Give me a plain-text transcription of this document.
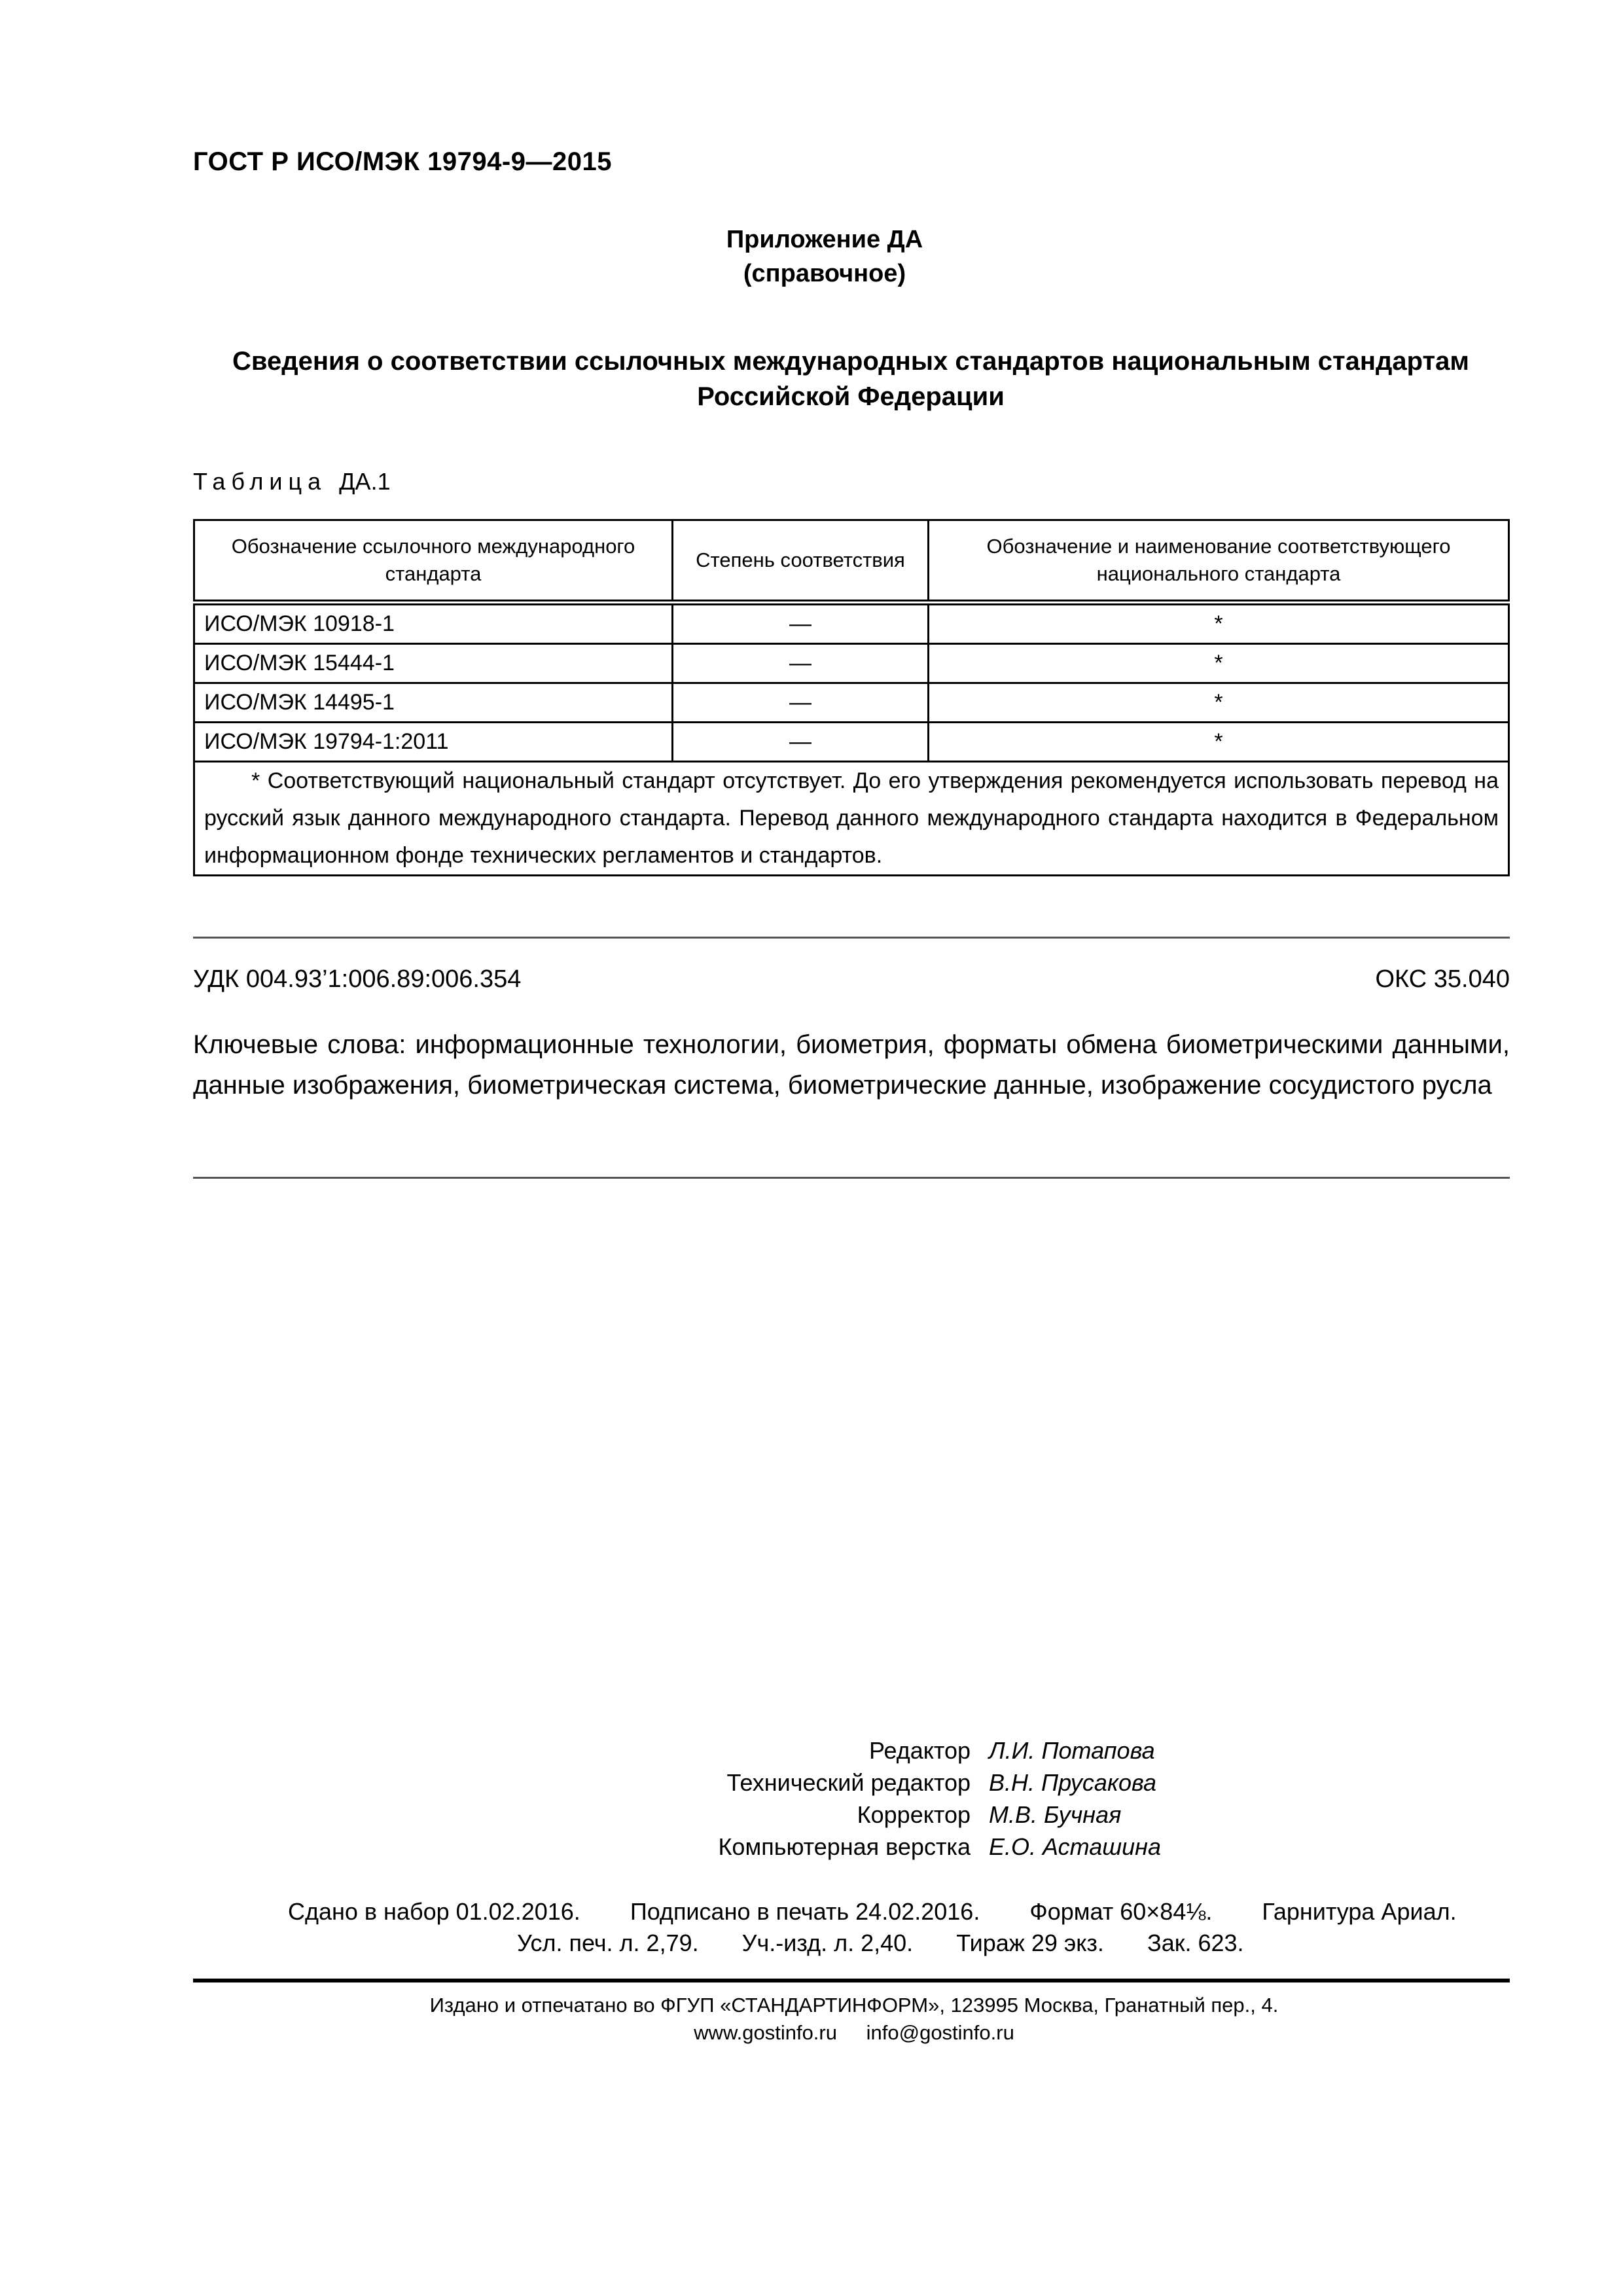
ГОСТ Р ИСО/МЭК 19794-9—2015
Приложение ДА
(справочное)
Сведения о соответствии ссылочных международных стандартов национальным стандартам
Российской Федерации
Таблица ДА.1
Обозначение ссылочного международного стандарта	Степень соответствия	Обозначение и наименование соответствующего национального стандарта
ИСО/МЭК 10918-1	—	*
ИСО/МЭК 15444-1	—	*
ИСО/МЭК 14495-1	—	*
ИСО/МЭК 19794-1:2011	—	*

* Соответствующий национальный стандарт отсутствует. До его утверждения рекомендуется использовать перевод на русский язык данного международного стандарта. Перевод данного международного стандарта находится в Федеральном информационном фонде технических регламентов и стандартов.		
УДК 004.93’1:006.89:006.354	ОКС 35.040
Ключевые слова: информационные технологии, биометрия, форматы обмена биометрическими данными, данные изображения, биометрическая система, биометрические данные, изображение сосудистого русла
Редактор Л.И. Потапова
Технический редактор В.Н. Прусакова
Корректор М.В. Бучная
Компьютерная верстка Е.О. Асташина
Сдано в набор 01.02.2016. Подписано в печать 24.02.2016. Формат 60×84⅛. Гарнитура Ариал.
Усл. печ. л. 2,79. Уч.-изд. л. 2,40. Тираж 29 экз. Зак. 623.
Издано и отпечатано во ФГУП «СТАНДАРТИНФОРМ», 123995 Москва, Гранатный пер., 4.
www.gostinfo.ru info@gostinfo.ru
